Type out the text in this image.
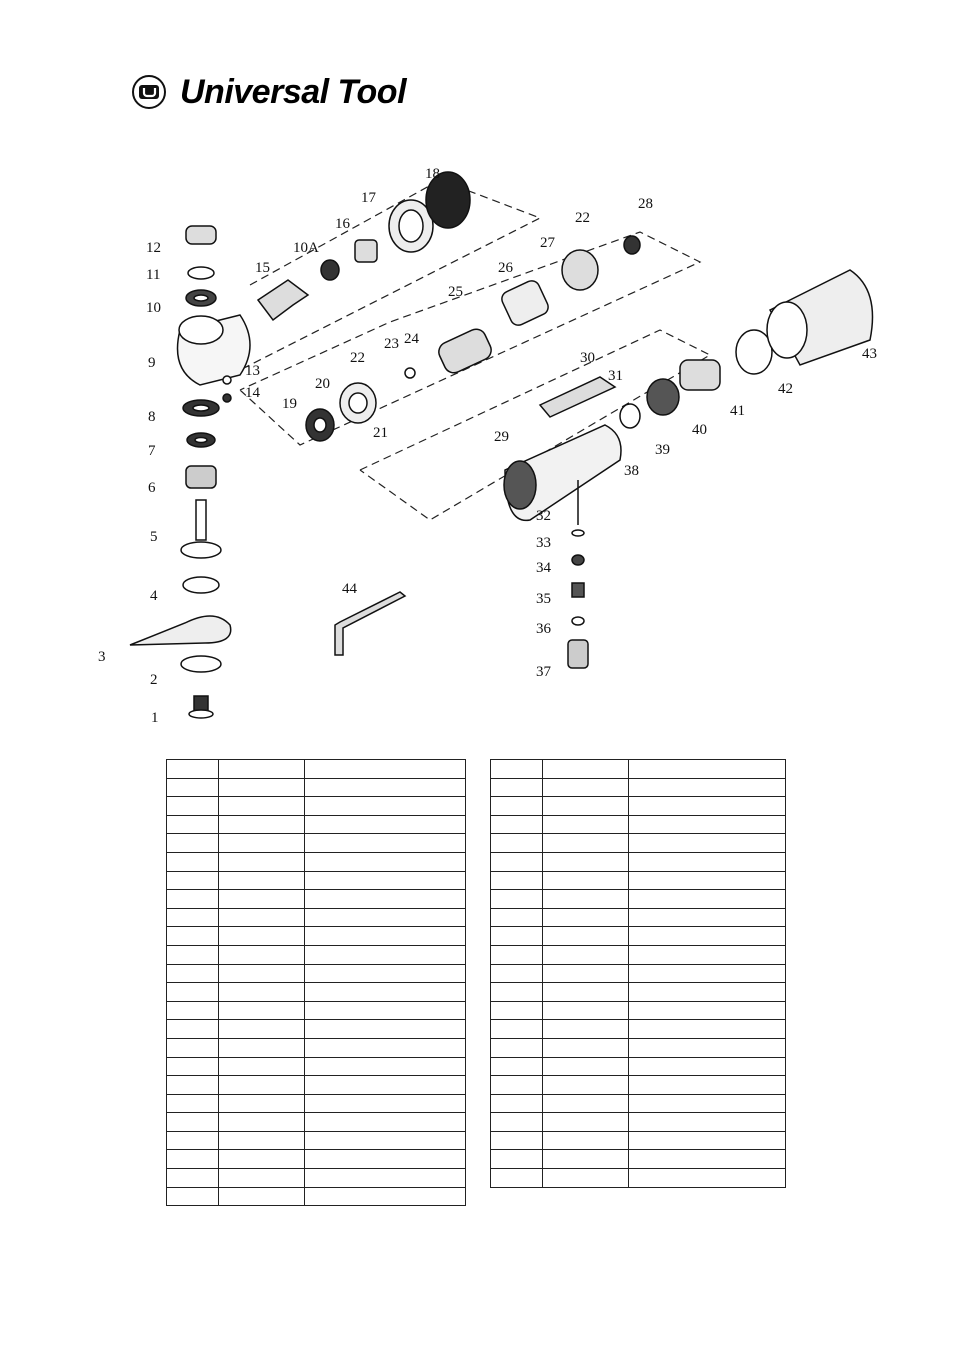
Universal Tool
1
2
3
4
5
6
7
8
9
10
10A
11
12
13
14
15
16
17
18
19
20
21
22
22
23 24
25
26
27
28
29
30
31
32
33
34
35
36
37
38
39
40
41
42
43
44
